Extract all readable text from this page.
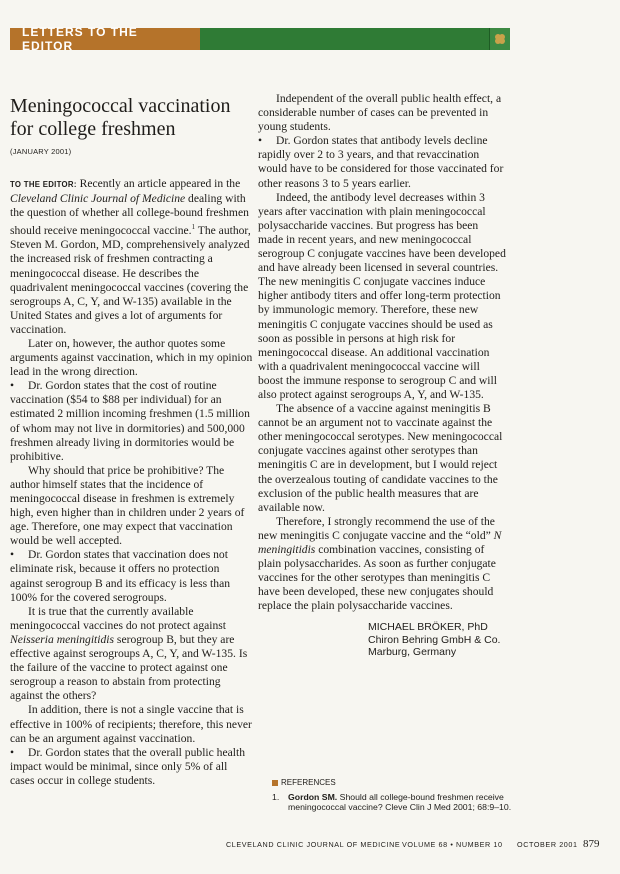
LETTERS TO THE EDITOR
Meningococcal vaccination for college freshmen
(JANUARY 2001)

TO THE EDITOR: Recently an article appeared in the Cleveland Clinic Journal of Medicine dealing with the question of whether all college-bound freshmen should receive meningococcal vaccine.$^1$ The author, Steven M. Gordon, MD, comprehensively analyzed the increased risk of freshmen contracting a meningococcal disease. He describes the quadrivalent meningococcal vaccines (covering the serogroups A, C, Y, and W-135) available in the United States and gives a lot of arguments for vaccination.

Later on, however, the author quotes some arguments against vaccination, which in my opinion lead in the wrong direction.

• Dr. Gordon states that the cost of routine vaccination ($54 to $88 per individual) for an estimated 2 million incoming freshmen (1.5 million of whom may not live in dormitories) and 500,000 freshmen already living in dormitories would be prohibitive.

Why should that price be prohibitive? The author himself states that the incidence of meningococcal disease in freshmen is extremely high, even higher than in children under 2 years of age. Therefore, one may expect that vaccination would be well accepted.

• Dr. Gordon states that vaccination does not eliminate risk, because it offers no protection against serogroup B and its efficacy is less than 100% for the covered serogroups.

It is true that the currently available meningococcal vaccines do not protect against Neisseria meningitidis serogroup B, but they are effective against serogroups A, C, Y, and W-135. Is the failure of the vaccine to protect against one serogroup a reason to abstain from protecting against the others?

In addition, there is not a single vaccine that is effective in 100% of recipients; therefore, this never can be an argument against vaccination.

• Dr. Gordon states that the overall public health impact would be minimal, since only 5% of all cases occur in college students.

Independent of the overall public health effect, a considerable number of cases can be prevented in young students.

• Dr. Gordon states that antibody levels decline rapidly over 2 to 3 years, and that revaccination would have to be considered for those vaccinated for other reasons 3 to 5 years earlier.

Indeed, the antibody level decreases within 3 years after vaccination with plain meningococcal polysaccharide vaccines. But progress has been made in recent years, and new meningococcal serogroup C conjugate vaccines have been developed and have already been licensed in several countries. The new meningitis C conjugate vaccines induce higher antibody titers and offer long-term protection by immunologic memory. Therefore, these new meningitis C conjugate vaccines should be used as soon as possible in persons at high risk for meningococcal disease. An additional vaccination with a quadrivalent meningococcal vaccine will boost the immune response to serogroup C and will also protect against serogroups A, Y, and W-135.

The absence of a vaccine against meningitis B cannot be an argument not to vaccinate against the other meningococcal serotypes. New meningococcal conjugate vaccines against other serotypes than meningitis C are in development, but I would reject the overzealous touting of candidate vaccines to the exclusion of the public health measures that are available now.

Therefore, I strongly recommend the use of the new meningitis C conjugate vaccine and the “old” N meningitidis combination vaccines, consisting of plain polysaccharides. As soon as further conjugate vaccines for the other serotypes than meningitis C have been developed, these new conjugates should replace the plain polysaccharide vaccines.

MICHAEL BRÖKER, PhD
Chiron Behring GmbH & Co.
Marburg, Germany
REFERENCES
1.	Gordon SM. Should all college-bound freshmen receive meningococcal vaccine? Cleve Clin J Med 2001; 68:9–10.
CLEVELAND CLINIC JOURNAL OF MEDICINE VOLUME 68 • NUMBER 10	OCTOBER 2001 879
